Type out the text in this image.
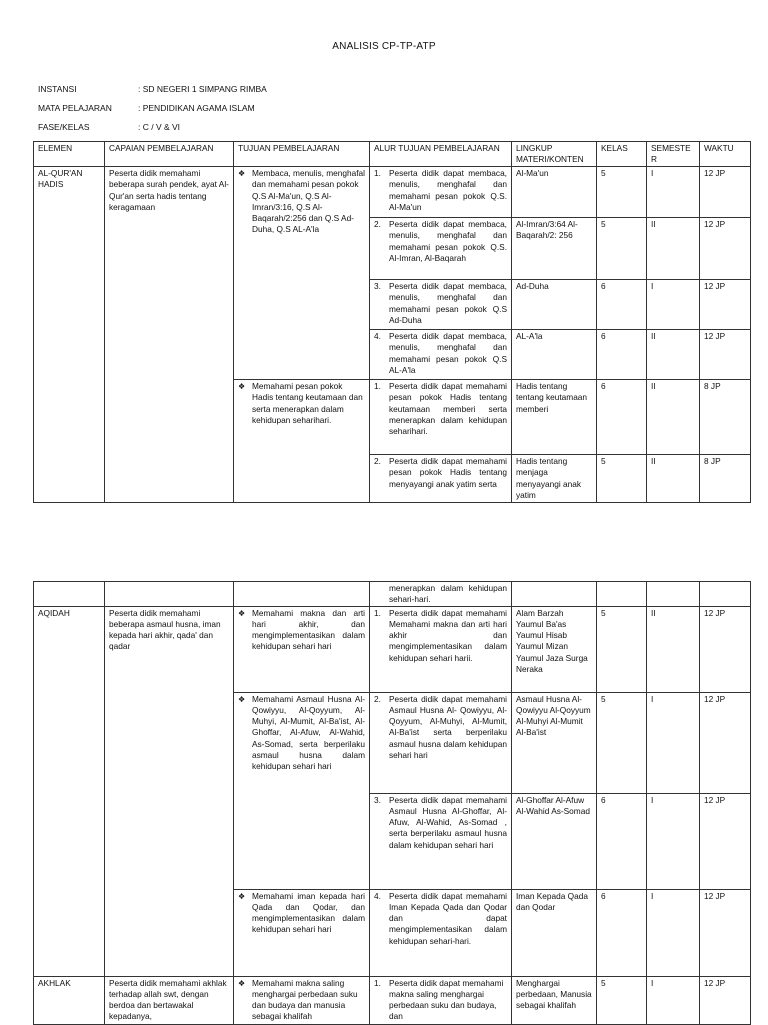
ANALISIS CP-TP-ATP
INSTANSI	: SD NEGERI 1 SIMPANG RIMBA
MATA PELAJARAN	: PENDIDIKAN AGAMA ISLAM
FASE/KELAS	: C / V & VI
ELEMEN	CAPAIAN PEMBELAJARAN	TUJUAN PEMBELAJARAN	ALUR TUJUAN PEMBELAJARAN	LINGKUP MATERI/KONTEN	KELAS	SEMESTER	WAKTU
AL-QUR'AN HADIS	Peserta didik memahami beberapa surah pendek, ayat Al-Qur'an serta hadis tentang keragamaan	❖ Membaca, menulis, menghafal dan memahami pesan pokok Q.S Al-Ma'un, Q.S Al-Imran/3:16, Q.S Al-Baqarah/2:256 dan Q.S Ad-Duha, Q.S AL-A'la	1. Peserta didik dapat membaca, menulis, menghafal dan memahami pesan pokok Q.S. Al-Ma'un	Al-Ma'un	5	I	12 JP

			2. Peserta didik dapat membaca, menulis, menghafal dan memahami pesan pokok Q.S. Al-Imran, Al-Baqarah	Al-Imran/3:64 Al-Baqarah/2: 256	5	II	12 JP

			3. Peserta didik dapat membaca, menulis, menghafal dan memahami pesan pokok Q.S Ad-Duha	Ad-Duha	6	I	12 JP

			4. Peserta didik dapat membaca, menulis, menghafal dan memahami pesan pokok Q.S AL-A'la	AL-A'la	6	II	12 JP

		❖ Memahami pesan pokok Hadis tentang keutamaan dan serta menerapkan dalam kehidupan seharihari.	1. Peserta didik dapat memahami pesan pokok Hadis tentang keutamaan memberi serta menerapkan dalam kehidupan seharihari.	Hadis tentang tentang keutamaan memberi	6	II	8 JP

			2. Peserta didik dapat memahami pesan pokok Hadis tentang menyayangi anak yatim serta	Hadis tentang menjaga menyayangi anak yatim	5	II	8 JP

			menerapkan dalam kehidupan sehari-hari.				

AQIDAH	Peserta didik memahami beberapa asmaul husna, iman kepada hari akhir, qada' dan qadar	❖ Memahami makna dan arti hari akhir, dan mengimplementasikan dalam kehidupan sehari hari	1. Peserta didik dapat memahami Memahami makna dan arti hari akhir dan mengimplementasikan dalam kehidupan sehari harii.	Alam Barzah Yaumul Ba'as Yaumul Hisab Yaumul Mizan Yaumul Jaza Surga Neraka	5	II	12 JP

		❖ Memahami Asmaul Husna Al- Qowiyyu, Al-Qoyyum, Al-Muhyi, Al-Mumit, Al-Ba'ist, Al-Ghoffar, Al-Afuw, Al-Wahid, As-Somad, serta berperilaku asmaul husna dalam kehidupan sehari hari	2. Peserta didik dapat memahami Asmaul Husna Al- Qowiyyu, Al-Qoyyum, Al-Muhyi, Al-Mumit, Al-Ba'ist serta berperilaku asmaul husna dalam kehidupan sehari hari	Asmaul Husna Al- Qowiyyu Al-Qoyyum Al-Muhyi Al-Mumit Al-Ba'ist	5	I	12 JP

			3. Peserta didik dapat memahami Asmaul Husna Al-Ghoffar, Al-Afuw, Al-Wahid, As-Somad , serta berperilaku asmaul husna dalam kehidupan sehari hari	Al-Ghoffar Al-Afuw Al-Wahid As-Somad	6	I	12 JP

		❖ Memahami iman kepada hari Qada dan Qodar, dan mengimplementasikan dalam kehidupan sehari hari	4. Peserta didik dapat memahami Iman Kepada Qada dan Qodar dan dapat mengimplementasikan dalam kehidupan sehari-hari.	Iman Kepada Qada dan Qodar	6	I	12 JP
AKHLAK	Peserta didik memahami akhlak terhadap allah swt, dengan berdoa dan bertawakal kepadanya,	❖ Memahami makna saling menghargai perbedaan suku dan budaya dan manusia sebagai khalifah	1. Peserta didik dapat memahami makna saling menghargai perbedaan suku dan budaya, dan	Menghargai perbedaan, Manusia sebagai khalifah	5	I	12 JP
